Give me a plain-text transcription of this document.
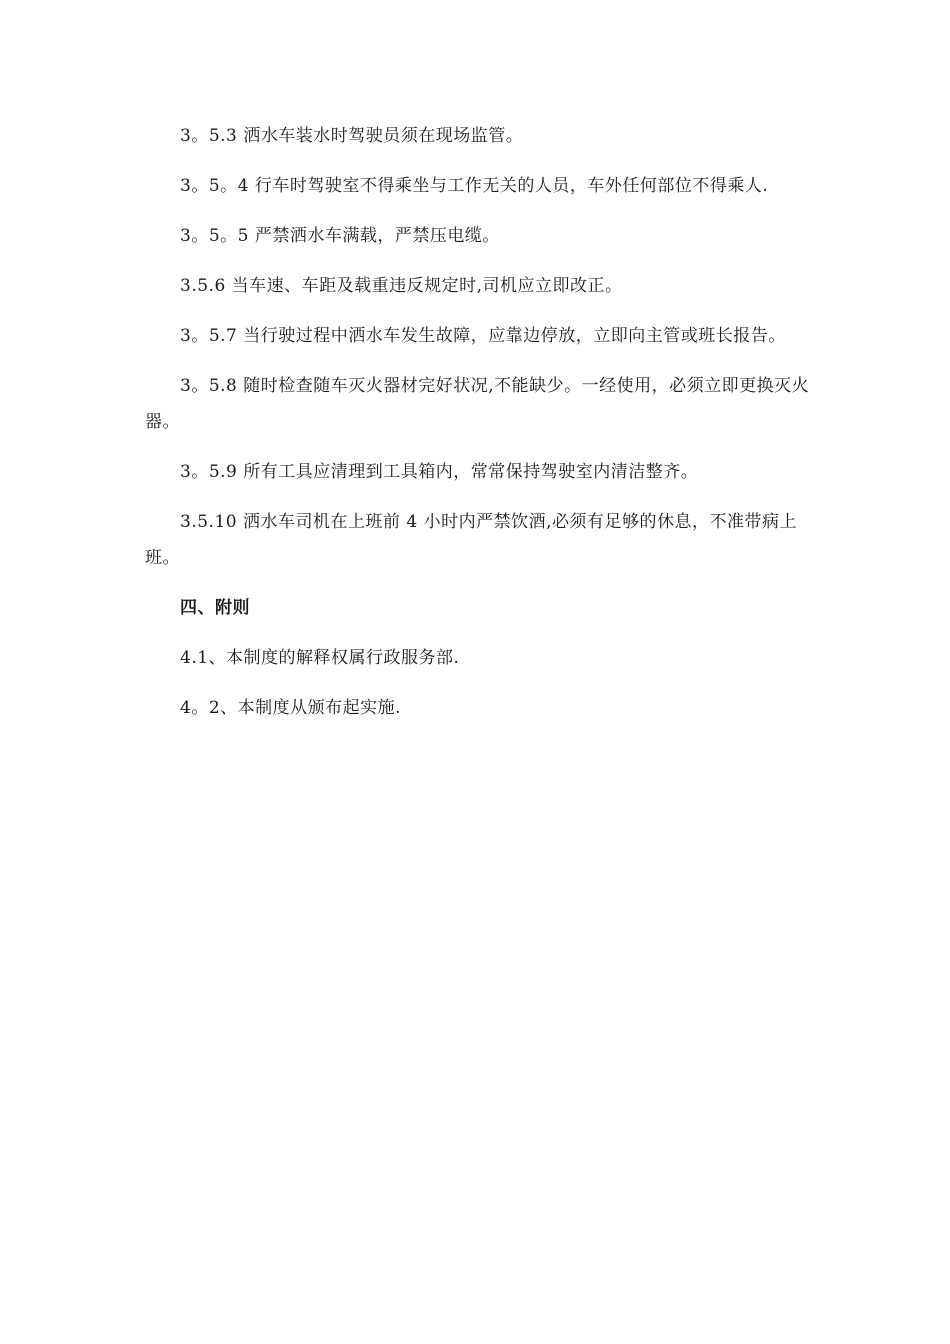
3。5.3 洒水车装水时驾驶员须在现场监管。

3。5。4 行车时驾驶室不得乘坐与工作无关的人员，车外任何部位不得乘人.

3。5。5 严禁洒水车满载，严禁压电缆。

3.5.6 当车速、车距及载重违反规定时,司机应立即改正。

3。5.7 当行驶过程中洒水车发生故障，应靠边停放，立即向主管或班长报告。

3。5.8 随时检查随车灭火器材完好状况,不能缺少。一经使用，必须立即更换灭火器。

3。5.9 所有工具应清理到工具箱内，常常保持驾驶室内清洁整齐。

3.5.10 洒水车司机在上班前 4 小时内严禁饮酒,必须有足够的休息，不准带病上班。

四、附则

4.1、本制度的解释权属行政服务部.

4。2、本制度从颁布起实施.
